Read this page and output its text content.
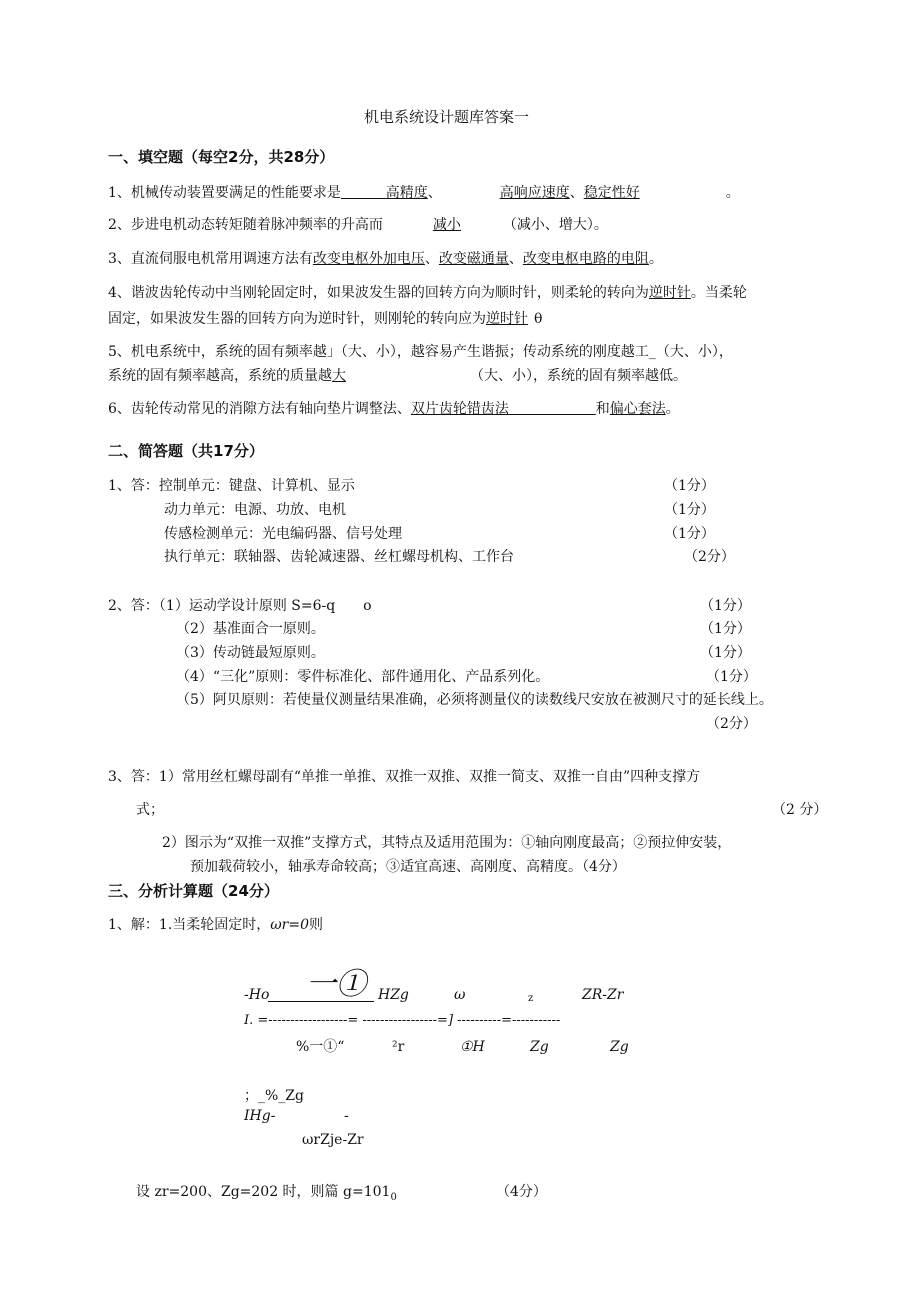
机电系统设计题库答案一
一、填空题（每空2分，共28分）
1、机械传动装置要满足的性能要求是    	高精度、	高响应速度、稳定性好	。
2、步进电机动态转矩随着脉冲频率的升高而	减小	（减小、增大）。
3、直流伺服电机常用调速方法有改变电枢外加电压、改变磁通量、改变电枢电路的电阻。
4、谐波齿轮传动中当刚轮固定时，如果波发生器的回转方向为顺时针，则柔轮的转向为逆时针。当柔轮
固定，如果波发生器的回转方向为逆时针，则刚轮的转向应为逆时针 θ
5、机电系统中，系统的固有频率越」（大、小），越容易产生谐振；传动系统的刚度越工_（大、小），
系统的固有频率越高，系统的质量越大	（大、小），系统的固有频率越低。
6、齿轮传动常见的消隙方法有轴向垫片调整法、双片齿轮错齿法       	和偏心套法。
二、简答题（共17分）
1、答：控制单元：键盘、计算机、显示	（1分）
动力单元：电源、功放、电机	（1分）
传感检测单元：光电编码器、信号处理	（1分）
执行单元：联轴器、齿轮减速器、丝杠螺母机构、工作台	（2分）
2、答：（1）运动学设计原则 S=6-q　　o	（1分）
（2）基准面合一原则。	（1分）
（3）传动链最短原则。	（1分）
（4）“三化”原则：零件标准化、部件通用化、产品系列化。	（1分）
（5）阿贝原则：若使量仪测量结果准确，必须将测量仪的读数线尺安放在被测尺寸的延长线上。
（2分）
3、答：1）常用丝杠螺母副有“单推一单推、双推一双推、双推一简支、双推一自由”四种支撑方
式；	（2 分）
2）图示为“双推一双推”支撑方式，其特点及适用范围为：①轴向刚度最高；②预拉伸安装，
预加载荷较小，轴承寿命较高；③适宜高速、高刚度、高精度。（4分）
三、分析计算题（24分）
1、解：1.当柔轮固定时，ωr=0则
-Hο 一① HZg	ω	z	ZR-Zr
I. =------------------= -----------------=] ----------=-----------
%一①“	²r	①H	Zg	Zg
；_%_Zg
IHg-	-
ωrZje-Zr
设 zr=200、Zg=202 时，则篇 $g=101_0$	（4分）
